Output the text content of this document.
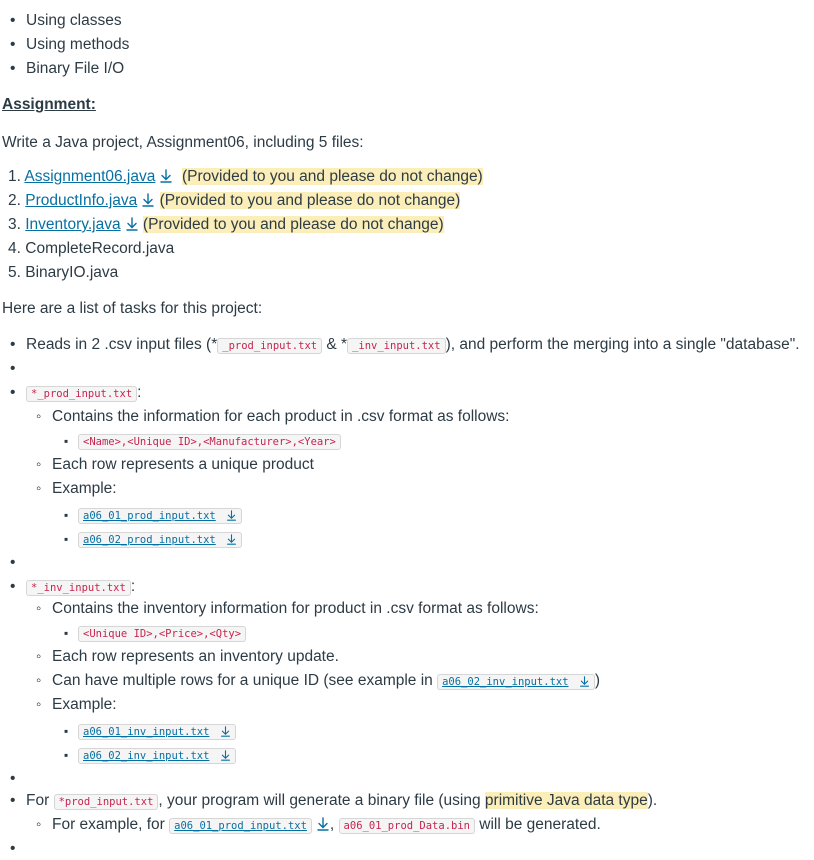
• Using classes
• Using methods
• Binary File I/O
Assignment:
Write a Java project, Assignment06, including 5 files:
1. Assignment06.java (Provided to you and please do not change)
2. ProductInfo.java (Provided to you and please do not change)
3. Inventory.java (Provided to you and please do not change)
4. CompleteRecord.java
5. BinaryIO.java
Here are a list of tasks for this project:
• Reads in 2 .csv input files (* _prod_input.txt & * _inv_input.txt ), and perform the merging into a single "database".
• *_prod_input.txt :
◦ Contains the information for each product in .csv format as follows:
▪ <Name>,<Unique ID>,<Manufacturer>,<Year>
◦ Each row represents a unique product
◦ Example:
▪ a06_01_prod_input.txt
▪ a06_02_prod_input.txt
• *_inv_input.txt :
◦ Contains the inventory information for product in .csv format as follows:
▪ <Unique ID>,<Price>,<Qty>
◦ Each row represents an inventory update.
◦ Can have multiple rows for a unique ID (see example in a06_02_inv_input.txt )
◦ Example:
▪ a06_01_inv_input.txt
▪ a06_02_inv_input.txt
• For *prod_input.txt , your program will generate a binary file (using primitive Java data type).
◦ For example, for a06_01_prod_input.txt , a06_01_prod_Data.bin will be generated.
